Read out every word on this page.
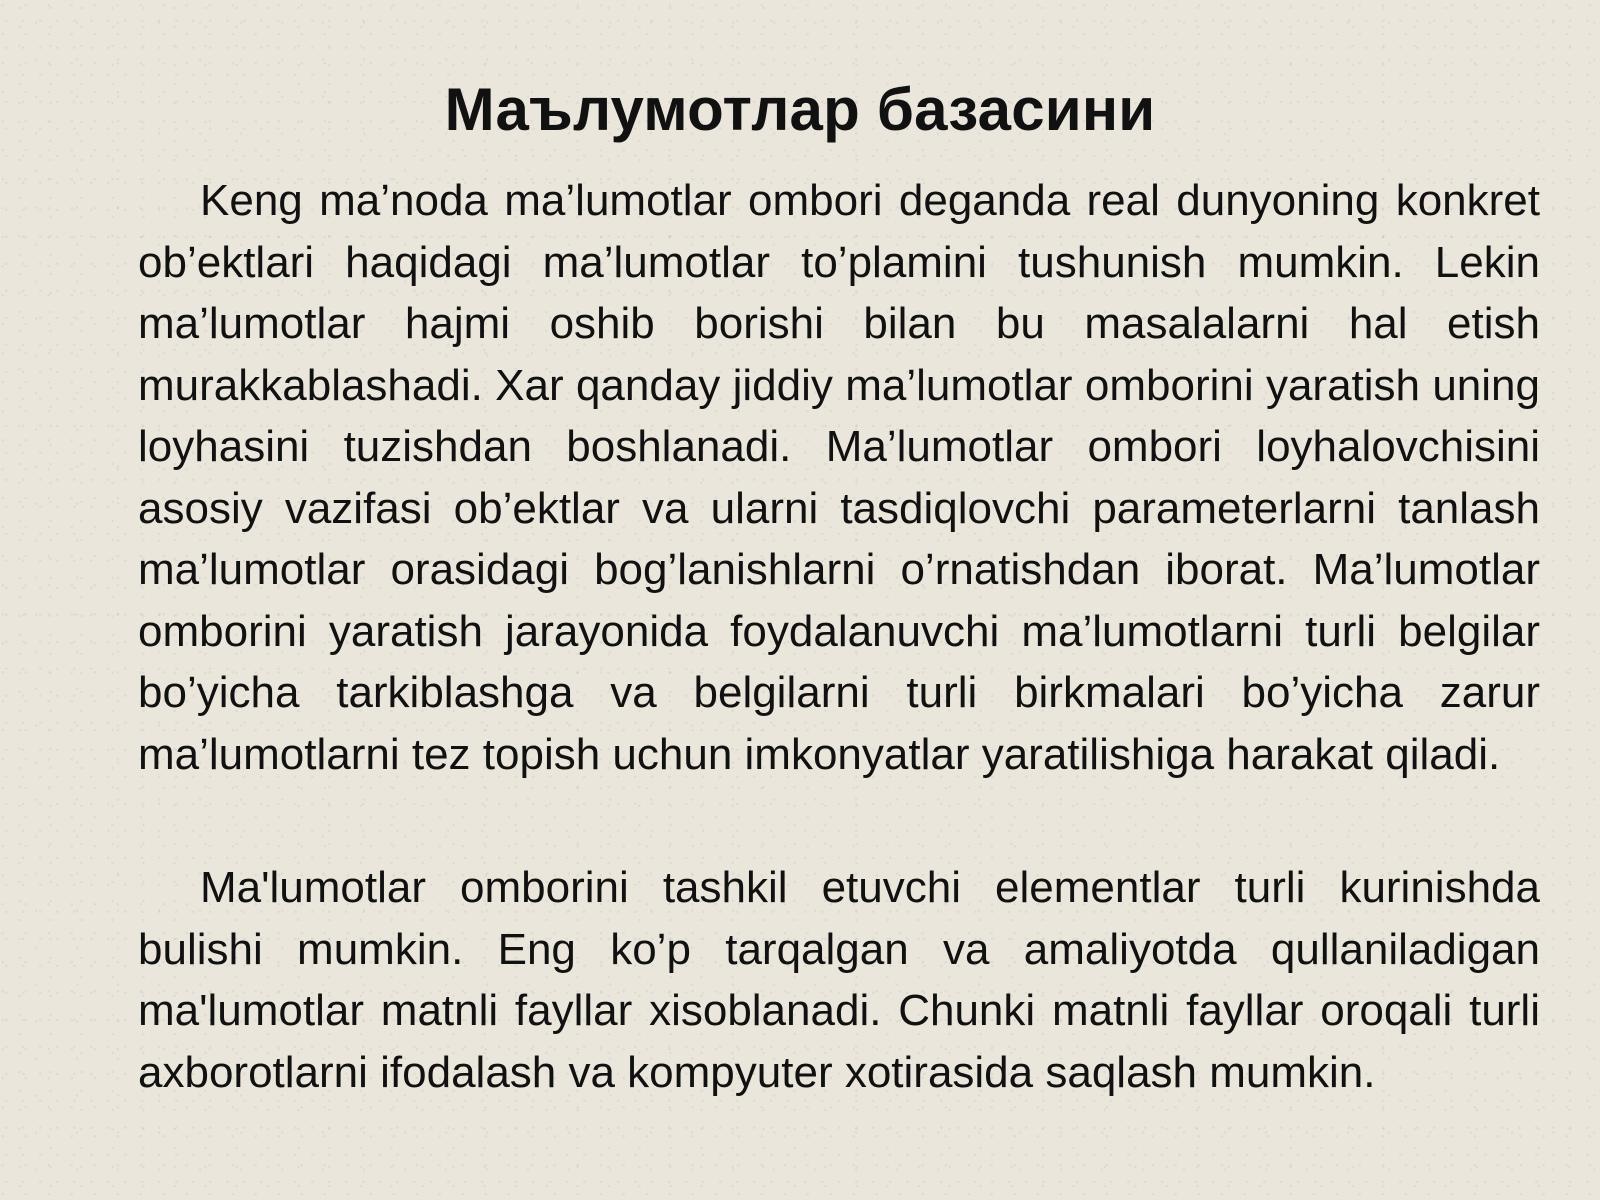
Маълумотлар базасини

Keng ma’noda ma’lumotlar ombori deganda real dunyoning konkret ob’ektlari haqidagi ma’lumotlar to’plamini tushunish mumkin. Lekin ma’lumotlar hajmi oshib borishi bilan bu masalalarni hal etish murakkablashadi. Xar qanday jiddiy ma’lumotlar omborini yaratish uning loyhasini tuzishdan boshlanadi. Ma’lumotlar ombori loyhalovchisini asosiy vazifasi ob’ektlar va ularni tasdiqlovchi parameterlarni tanlash ma’lumotlar orasidagi bog’lanishlarni o’rnatishdan iborat. Ma’lumotlar omborini yaratish jarayonida foydalanuvchi ma’lumotlarni turli belgilar bo’yicha tarkiblashga va belgilarni turli birkmalari bo’yicha zarur ma’lumotlarni tez topish uchun imkonyatlar yaratilishiga harakat qiladi.

Ma'lumotlar omborini tashkil etuvchi elementlar turli kurinishda bulishi mumkin. Eng ko’p tarqalgan va amaliyotda qullaniladigan ma'lumotlar matnli fayllar xisoblanadi. Chunki matnli fayllar oroqali turli axborotlarni ifodalash va kompyuter xotirasida saqlash mumkin.
